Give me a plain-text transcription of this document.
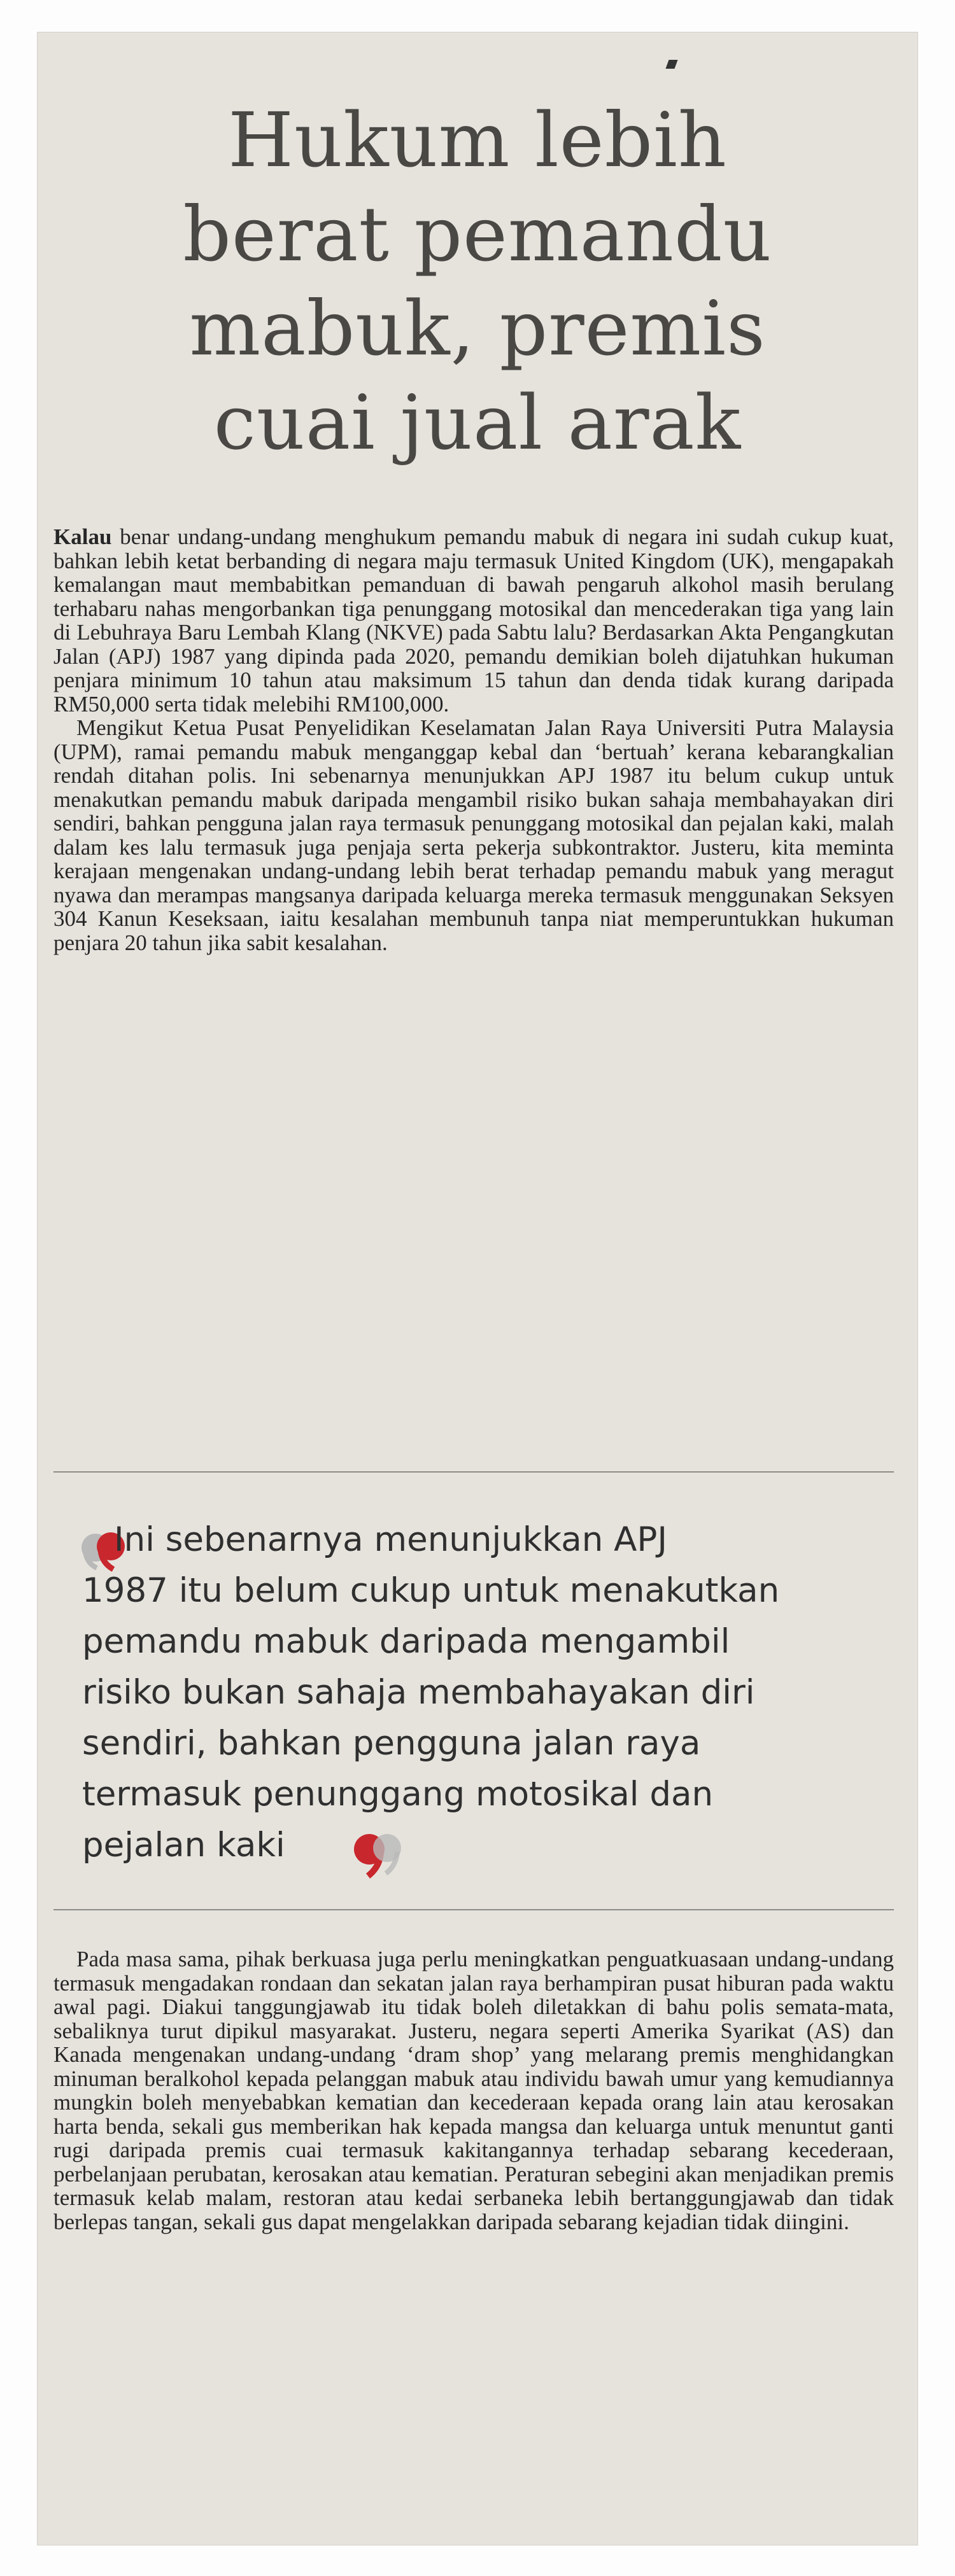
Hukum lebih
berat pemandu
mabuk, premis
cuai jual arak

Kalau benar undang-undang menghukum pemandu mabuk di negara ini sudah cukup kuat, bahkan lebih ketat berbanding di negara maju termasuk United Kingdom (UK), mengapakah kemalangan maut membabitkan pemanduan di bawah pengaruh alkohol masih berulang terhabaru nahas mengorbankan tiga penunggang motosikal dan mencederakan tiga yang lain di Lebuhraya Baru Lembah Klang (NKVE) pada Sabtu lalu? Berdasarkan Akta Pengangkutan Jalan (APJ) 1987 yang dipinda pada 2020, pemandu demikian boleh dijatuhkan hukuman penjara minimum 10 tahun atau maksimum 15 tahun dan denda tidak kurang daripada RM50,000 serta tidak melebihi RM100,000.

Mengikut Ketua Pusat Penyelidikan Keselamatan Jalan Raya Universiti Putra Malaysia (UPM), ramai pemandu mabuk menganggap kebal dan ‘bertuah’ kerana kebarangkalian rendah ditahan polis. Ini sebenarnya menunjukkan APJ 1987 itu belum cukup untuk menakutkan pemandu mabuk daripada mengambil risiko bukan sahaja membahayakan diri sendiri, bahkan pengguna jalan raya termasuk penunggang motosikal dan pejalan kaki, malah dalam kes lalu termasuk juga penjaja serta pekerja subkontraktor. Justeru, kita meminta kerajaan mengenakan undang-undang lebih berat terhadap pemandu mabuk yang meragut nyawa dan merampas mangsanya daripada keluarga mereka termasuk menggunakan Seksyen 304 Kanun Keseksaan, iaitu kesalahan membunuh tanpa niat memperuntukkan hukuman penjara 20 tahun jika sabit kesalahan.

Ini sebenarnya menunjukkan APJ
1987 itu belum cukup untuk menakutkan
pemandu mabuk daripada mengambil
risiko bukan sahaja membahayakan diri
sendiri, bahkan pengguna jalan raya
termasuk penunggang motosikal dan
pejalan kaki

Pada masa sama, pihak berkuasa juga perlu meningkatkan penguatkuasaan undang-undang termasuk mengadakan rondaan dan sekatan jalan raya berhampiran pusat hiburan pada waktu awal pagi. Diakui tanggungjawab itu tidak boleh diletakkan di bahu polis semata-mata, sebaliknya turut dipikul masyarakat. Justeru, negara seperti Amerika Syarikat (AS) dan Kanada mengenakan undang-undang ‘dram shop’ yang melarang premis menghidangkan minuman beralkohol kepada pelanggan mabuk atau individu bawah umur yang kemudiannya mungkin boleh menyebabkan kematian dan kecederaan kepada orang lain atau kerosakan harta benda, sekali gus memberikan hak kepada mangsa dan keluarga untuk menuntut ganti rugi daripada premis cuai termasuk kakitangannya terhadap sebarang kecederaan, perbelanjaan perubatan, kerosakan atau kematian. Peraturan sebegini akan menjadikan premis termasuk kelab malam, restoran atau kedai serbaneka lebih bertanggungjawab dan tidak berlepas tangan, sekali gus dapat mengelakkan daripada sebarang kejadian tidak diingini.
